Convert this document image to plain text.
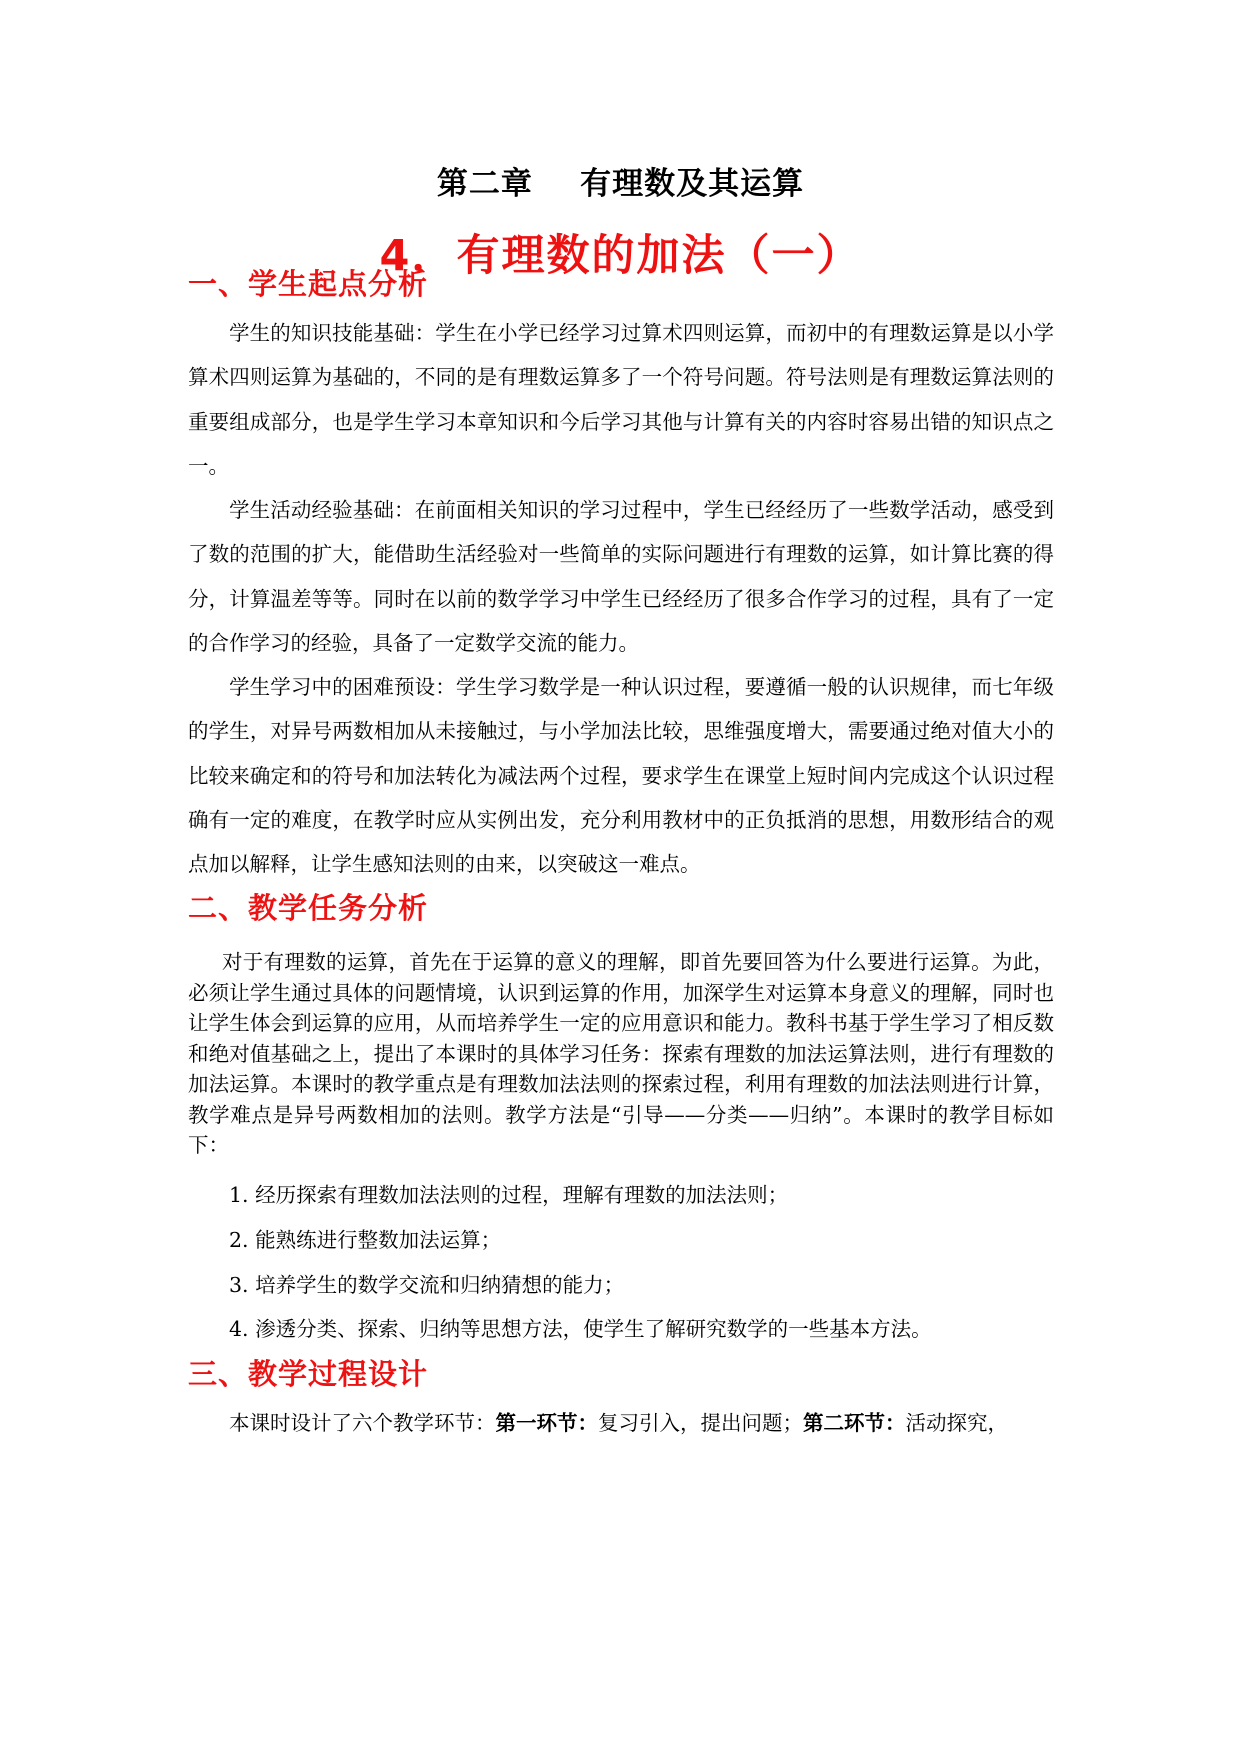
第二章    有理数及其运算
4．有理数的加法（一）
一、学生起点分析
学生的知识技能基础：学生在小学已经学习过算术四则运算，而初中的有理数运算是以小学算术四则运算为基础的，不同的是有理数运算多了一个符号问题。符号法则是有理数运算法则的重要组成部分，也是学生学习本章知识和今后学习其他与计算有关的内容时容易出错的知识点之一。
学生活动经验基础：在前面相关知识的学习过程中，学生已经经历了一些数学活动，感受到了数的范围的扩大，能借助生活经验对一些简单的实际问题进行有理数的运算，如计算比赛的得分，计算温差等等。同时在以前的数学学习中学生已经经历了很多合作学习的过程，具有了一定的合作学习的经验，具备了一定数学交流的能力。
学生学习中的困难预设：学生学习数学是一种认识过程，要遵循一般的认识规律，而七年级的学生，对异号两数相加从未接触过，与小学加法比较，思维强度增大，需要通过绝对值大小的比较来确定和的符号和加法转化为减法两个过程，要求学生在课堂上短时间内完成这个认识过程确有一定的难度，在教学时应从实例出发，充分利用教材中的正负抵消的思想，用数形结合的观点加以解释，让学生感知法则的由来，以突破这一难点。
二、教学任务分析
对于有理数的运算，首先在于运算的意义的理解，即首先要回答为什么要进行运算。为此，必须让学生通过具体的问题情境，认识到运算的作用，加深学生对运算本身意义的理解，同时也让学生体会到运算的应用，从而培养学生一定的应用意识和能力。教科书基于学生学习了相反数和绝对值基础之上，提出了本课时的具体学习任务：探索有理数的加法运算法则，进行有理数的加法运算。本课时的教学重点是有理数加法法则的探索过程，利用有理数的加法法则进行计算，教学难点是异号两数相加的法则。教学方法是“引导——分类——归纳”。本课时的教学目标如下：
1. 经历探索有理数加法法则的过程，理解有理数的加法法则；
2. 能熟练进行整数加法运算；
3. 培养学生的数学交流和归纳猜想的能力；
4. 渗透分类、探索、归纳等思想方法，使学生了解研究数学的一些基本方法。
三、教学过程设计
本课时设计了六个教学环节：第一环节：复习引入，提出问题；第二环节：活动探究，
